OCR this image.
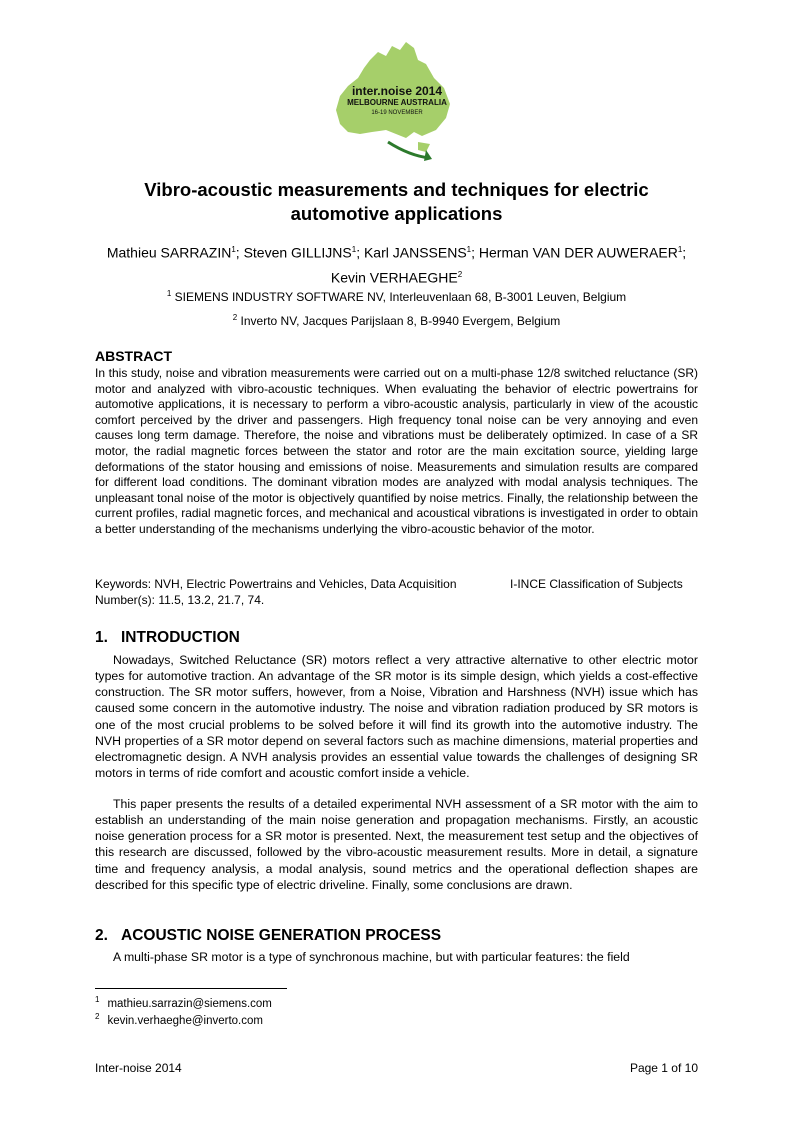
inter.noise 2014
MELBOURNE AUSTRALIA
16-19 NOVEMBER
Vibro-acoustic measurements and techniques for electric
automotive applications
Mathieu SARRAZIN$^1$; Steven GILLIJNS$^1$; Karl JANSSENS$^1$; Herman VAN DER AUWERAER$^1$;
Kevin VERHAEGHE$^2$
$^1$ SIEMENS INDUSTRY SOFTWARE NV, Interleuvenlaan 68, B-3001 Leuven, Belgium
$^2$ Inverto NV, Jacques Parijslaan 8, B-9940 Evergem, Belgium
ABSTRACT

In this study, noise and vibration measurements were carried out on a multi-phase 12/8 switched reluctance (SR) motor and analyzed with vibro-acoustic techniques. When evaluating the behavior of electric powertrains for automotive applications, it is necessary to perform a vibro-acoustic analysis, particularly in view of the acoustic comfort perceived by the driver and passengers. High frequency tonal noise can be very annoying and even causes long term damage. Therefore, the noise and vibrations must be deliberately optimized. In case of a SR motor, the radial magnetic forces between the stator and rotor are the main excitation source, yielding large deformations of the stator housing and emissions of noise. Measurements and simulation results are compared for different load conditions. The dominant vibration modes are analyzed with modal analysis techniques. The unpleasant tonal noise of the motor is objectively quantified by noise metrics. Finally, the relationship between the current profiles, radial magnetic forces, and mechanical and acoustical vibrations is investigated in order to obtain a better understanding of the mechanisms underlying the vibro-acoustic behavior of the motor.

Keywords: NVH, Electric Powertrains and Vehicles, Data Acquisition	I-INCE Classification of Subjects
Number(s): 11.5, 13.2, 21.7, 74.
1. INTRODUCTION

Nowadays, Switched Reluctance (SR) motors reflect a very attractive alternative to other electric motor types for automotive traction. An advantage of the SR motor is its simple design, which yields a cost-effective construction. The SR motor suffers, however, from a Noise, Vibration and Harshness (NVH) issue which has caused some concern in the automotive industry. The noise and vibration radiation produced by SR motors is one of the most crucial problems to be solved before it will find its growth into the automotive industry. The NVH properties of a SR motor depend on several factors such as machine dimensions, material properties and electromagnetic design. A NVH analysis provides an essential value towards the challenges of designing SR motors in terms of ride comfort and acoustic comfort inside a vehicle.

This paper presents the results of a detailed experimental NVH assessment of a SR motor with the aim to establish an understanding of the main noise generation and propagation mechanisms. Firstly, an acoustic noise generation process for a SR motor is presented. Next, the measurement test setup and the objectives of this research are discussed, followed by the vibro-acoustic measurement results. More in detail, a signature time and frequency analysis, a modal analysis, sound metrics and the operational deflection shapes are described for this specific type of electric driveline. Finally, some conclusions are drawn.

2. ACOUSTIC NOISE GENERATION PROCESS

A multi-phase SR motor is a type of synchronous machine, but with particular features: the field

$^1$ mathieu.sarrazin@siemens.com
$^2$ kevin.verhaeghe@inverto.com
Inter-noise 2014	Page 1 of 10
